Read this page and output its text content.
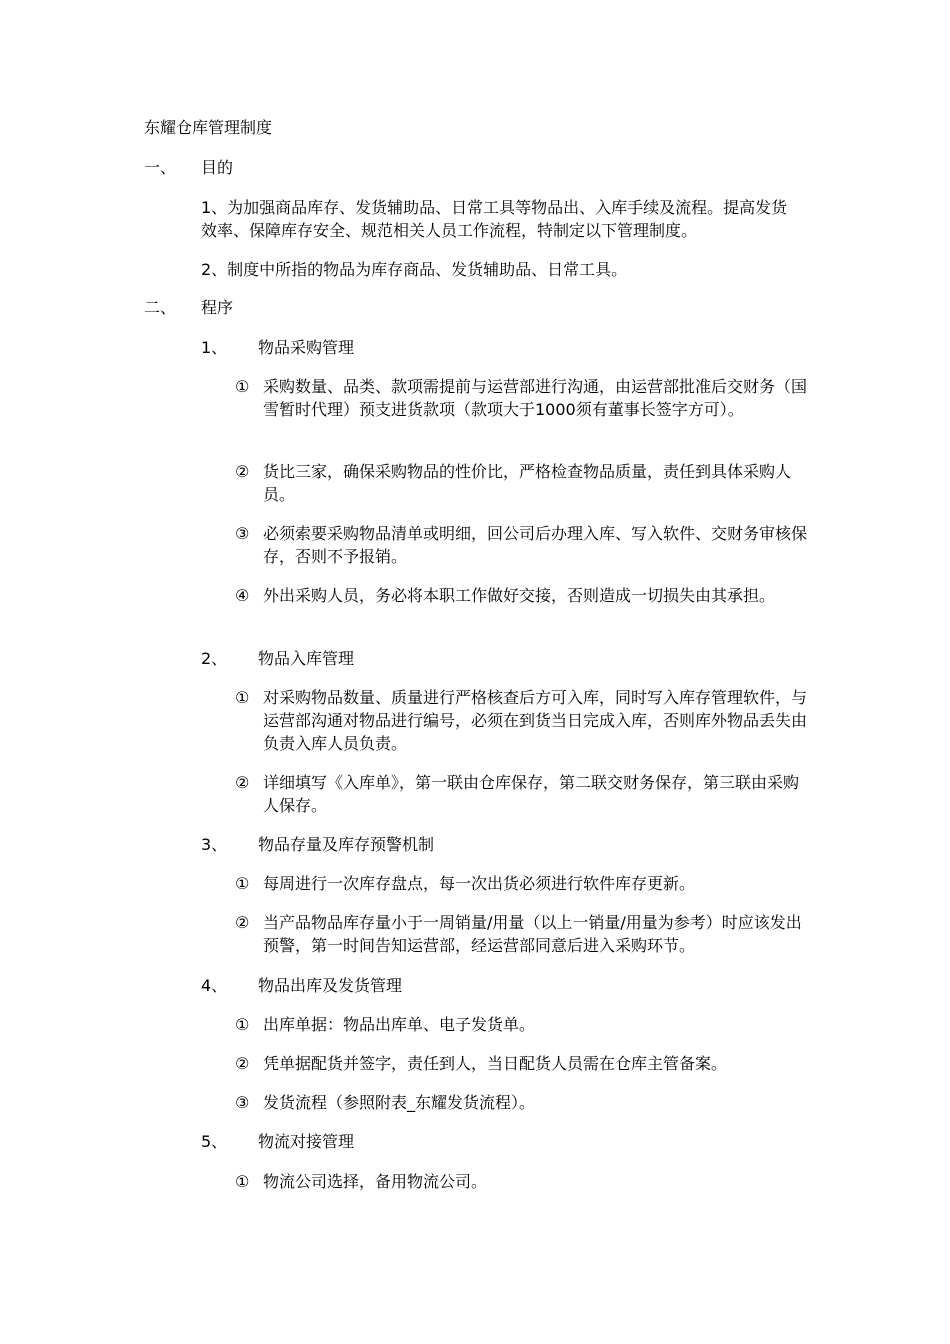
东耀仓库管理制度
一、 目的
1、为加强商品库存、发货辅助品、日常工具等物品出、入库手续及流程。提高发货效率、保障库存安全、规范相关人员工作流程，特制定以下管理制度。
2、制度中所指的物品为库存商品、发货辅助品、日常工具。
二、 程序
1、 物品采购管理
① 采购数量、品类、款项需提前与运营部进行沟通，由运营部批准后交财务（国雪暂时代理）预支进货款项（款项大于1000须有董事长签字方可）。
② 货比三家，确保采购物品的性价比，严格检查物品质量，责任到具体采购人员。
③ 必须索要采购物品清单或明细，回公司后办理入库、写入软件、交财务审核保存，否则不予报销。
④ 外出采购人员，务必将本职工作做好交接，否则造成一切损失由其承担。
2、 物品入库管理
① 对采购物品数量、质量进行严格核查后方可入库，同时写入库存管理软件，与运营部沟通对物品进行编号，必须在到货当日完成入库，否则库外物品丢失由负责入库人员负责。
② 详细填写《入库单》，第一联由仓库保存，第二联交财务保存，第三联由采购人保存。
3、 物品存量及库存预警机制
① 每周进行一次库存盘点，每一次出货必须进行软件库存更新。
② 当产品物品库存量小于一周销量/用量（以上一销量/用量为参考）时应该发出预警，第一时间告知运营部，经运营部同意后进入采购环节。
4、 物品出库及发货管理
① 出库单据：物品出库单、电子发货单。
② 凭单据配货并签字，责任到人，当日配货人员需在仓库主管备案。
③ 发货流程（参照附表_东耀发货流程）。
5、 物流对接管理
① 物流公司选择，备用物流公司。
